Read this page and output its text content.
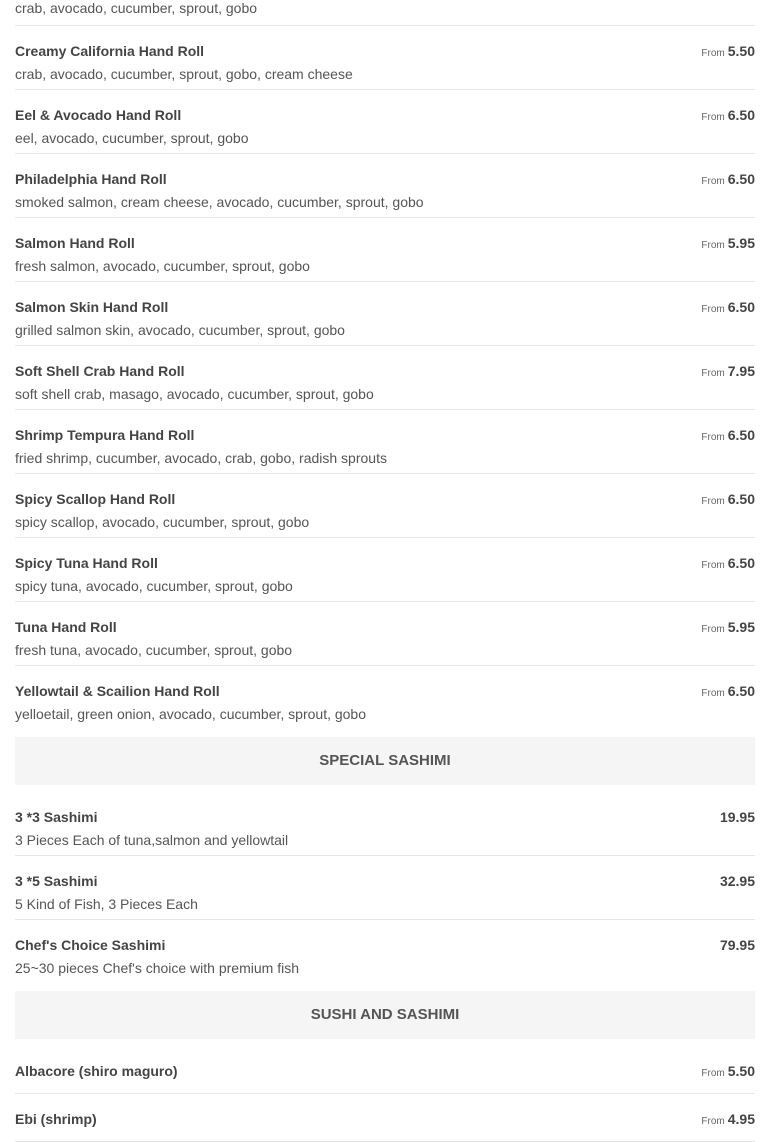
crab, avocado, cucumber, sprout, gobo
Creamy California Hand Roll
crab, avocado, cucumber, sprout, gobo, cream cheese
From 5.50
Eel & Avocado Hand Roll
eel, avocado, cucumber, sprout, gobo
From 6.50
Philadelphia Hand Roll
smoked salmon, cream cheese, avocado, cucumber, sprout, gobo
From 6.50
Salmon Hand Roll
fresh salmon, avocado, cucumber, sprout, gobo
From 5.95
Salmon Skin Hand Roll
grilled salmon skin, avocado, cucumber, sprout, gobo
From 6.50
Soft Shell Crab Hand Roll
soft shell crab, masago, avocado, cucumber, sprout, gobo
From 7.95
Shrimp Tempura Hand Roll
fried shrimp, cucumber, avocado, crab, gobo, radish sprouts
From 6.50
Spicy Scallop Hand Roll
spicy scallop, avocado, cucumber, sprout, gobo
From 6.50
Spicy Tuna Hand Roll
spicy tuna, avocado, cucumber, sprout, gobo
From 6.50
Tuna Hand Roll
fresh tuna, avocado, cucumber, sprout, gobo
From 5.95
Yellowtail & Scailion Hand Roll
yelloetail, green onion, avocado, cucumber, sprout, gobo
From 6.50
SPECIAL SASHIMI
3 *3 Sashimi
3 Pieces Each of tuna,salmon and yellowtail
19.95
3 *5 Sashimi
5 Kind of Fish, 3 Pieces Each
32.95
Chef's Choice Sashimi
25~30 pieces Chef's choice with premium fish
79.95
SUSHI AND SASHIMI
Albacore (shiro maguro)	From 5.50
Ebi (shrimp)	From 4.95
